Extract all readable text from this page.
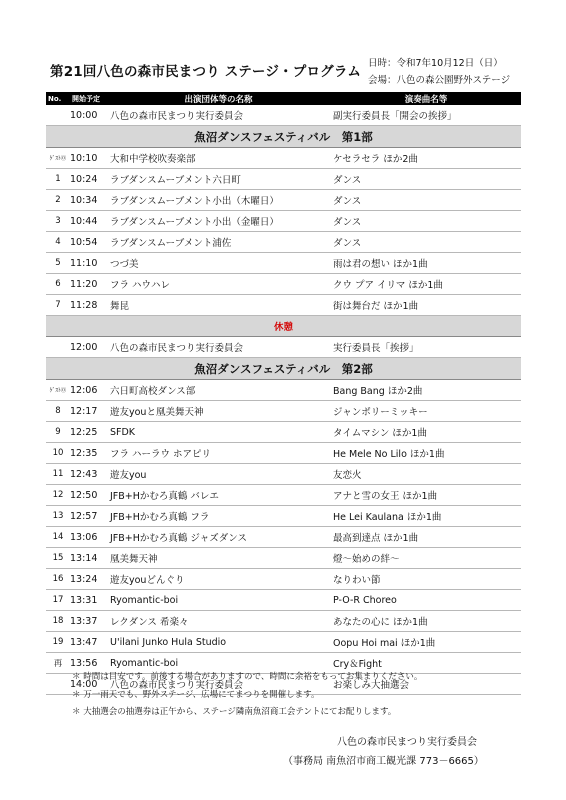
第21回八色の森市民まつり ステージ・プログラム
日時：令和7年10月12日（日）
会場：八色の森公園野外ステージ
No.	開始予定	出演団体等の名称	演奏曲名等
	10:00	八色の森市民まつり実行委員会	副実行委員長「開会の挨拶」
魚沼ダンスフェスティバル　第1部			
ｹﾞｽﾄ⓪	10:10	大和中学校吹奏楽部	ケセラセラ ほか2曲
1	10:24	ラブダンスムーブメント六日町	ダンス
2	10:34	ラブダンスムーブメント小出（木曜日）	ダンス
3	10:44	ラブダンスムーブメント小出（金曜日）	ダンス
4	10:54	ラブダンスムーブメント浦佐	ダンス
5	11:10	つづ美	雨は君の想い ほか1曲
6	11:20	フラ ハウハレ	クウ プア イリマ ほか1曲
7	11:28	舞昆	街は舞台だ ほか1曲
休憩			
	12:00	八色の森市民まつり実行委員会	実行委員長「挨拶」
魚沼ダンスフェスティバル　第2部			
ｹﾞｽﾄ⓪	12:06	六日町高校ダンス部	Bang Bang ほか2曲
8	12:17	遊友youと凰美舞天神	ジャンボリーミッキー
9	12:25	SFDK	タイムマシン ほか1曲
10	12:35	フラ ハーラウ ホアピリ	He Mele No Lilo ほか1曲
11	12:43	遊友you	友恋火
12	12:50	JFB+Hかむろ真鶴 バレエ	アナと雪の女王 ほか1曲
13	12:57	JFB+Hかむろ真鶴 フラ	He Lei Kaulana ほか1曲
14	13:06	JFB+Hかむろ真鶴 ジャズダンス	最高到達点 ほか1曲
15	13:14	凰美舞天神	燈～始めの絆～
16	13:24	遊友youどんぐり	なりわい節
17	13:31	Ryomantic-boi	P-O-R Choreo
18	13:37	レクダンス 希楽々	あなたの心に ほか1曲
19	13:47	U'ilani Junko Hula Studio	Oopu Hoi mai ほか1曲
再	13:56	Ryomantic-boi	Cry＆Fight
	14:00	八色の森市民まつり実行委員会	お楽しみ大抽選会
＊ 時間は目安です。前後する場合がありますので、時間に余裕をもってお集まりください。
＊ 万一雨天でも、野外ステージ、広場にてまつりを開催します。
＊ 大抽選会の抽選券は正午から、ステージ隣南魚沼商工会テントにてお配りします。
八色の森市民まつり実行委員会
（事務局 南魚沼市商工観光課 773－6665）
